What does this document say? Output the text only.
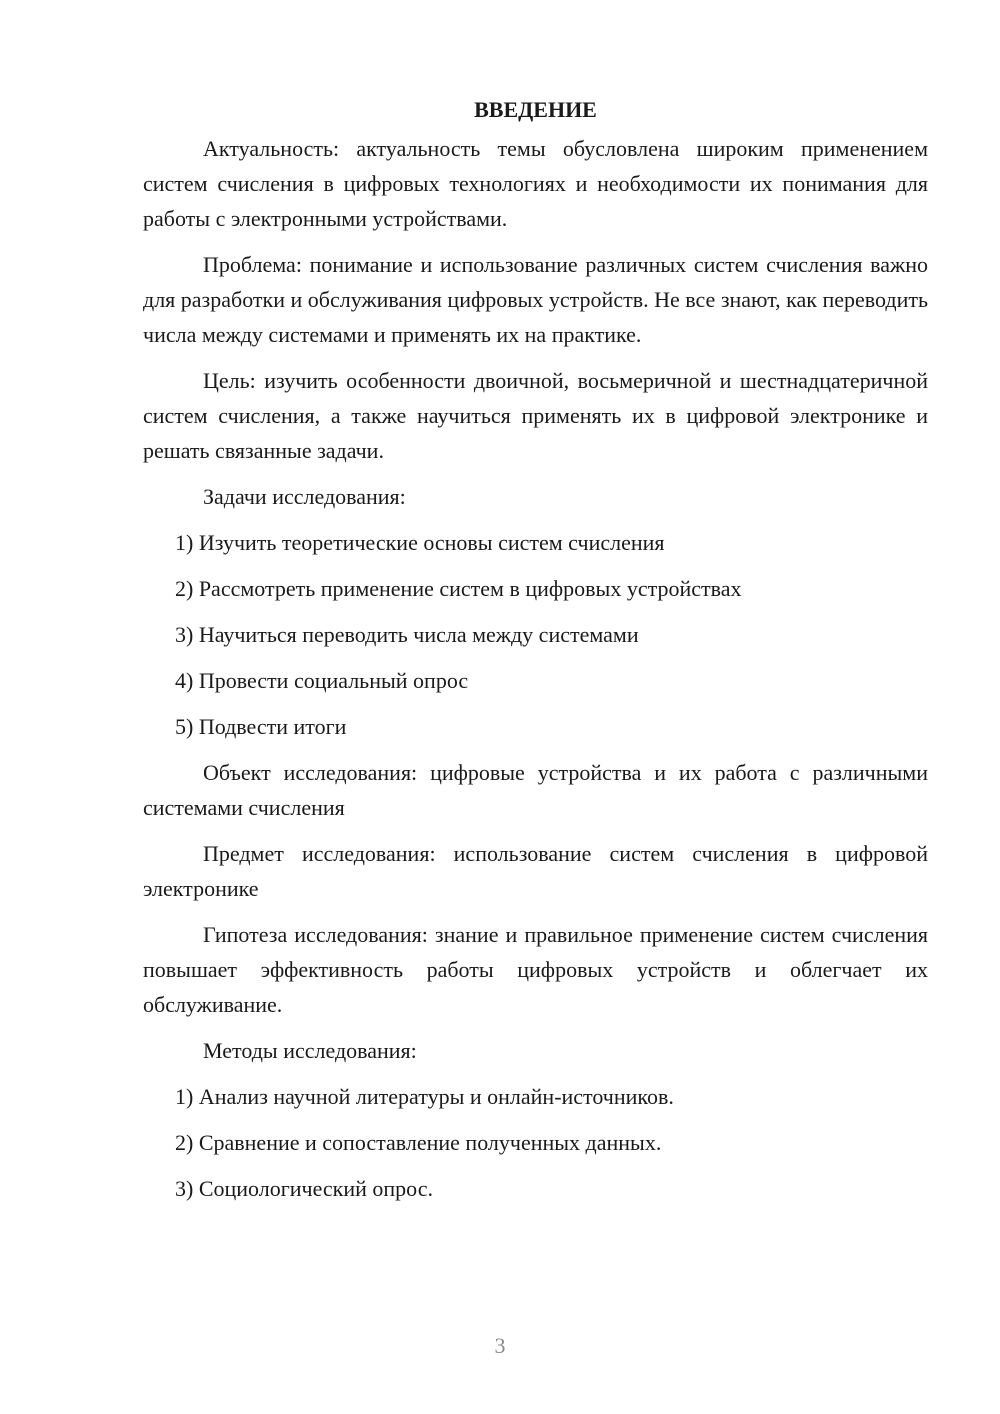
ВВЕДЕНИЕ

Актуальность: актуальность темы обусловлена широким применением систем счисления в цифровых технологиях и необходимости их понимания для работы с электронными устройствами.

Проблема: понимание и использование различных систем счисления важно для разработки и обслуживания цифровых устройств. Не все знают, как переводить числа между системами и применять их на практике.

Цель: изучить особенности двоичной, восьмеричной и шестнадцатеричной систем счисления, а также научиться применять их в цифровой электронике и решать связанные задачи.

Задачи исследования:

1) Изучить теоретические основы систем счисления

2) Рассмотреть применение систем в цифровых устройствах

3) Научиться переводить числа между системами

4) Провести социальный опрос

5) Подвести итоги

Объект исследования: цифровые устройства и их работа с различными системами счисления

Предмет исследования: использование систем счисления в цифровой электронике

Гипотеза исследования: знание и правильное применение систем счисления повышает эффективность работы цифровых устройств и облегчает их обслуживание.

Методы исследования:

1) Анализ научной литературы и онлайн-источников.

2) Сравнение и сопоставление полученных данных.

3) Социологический опрос.

3
